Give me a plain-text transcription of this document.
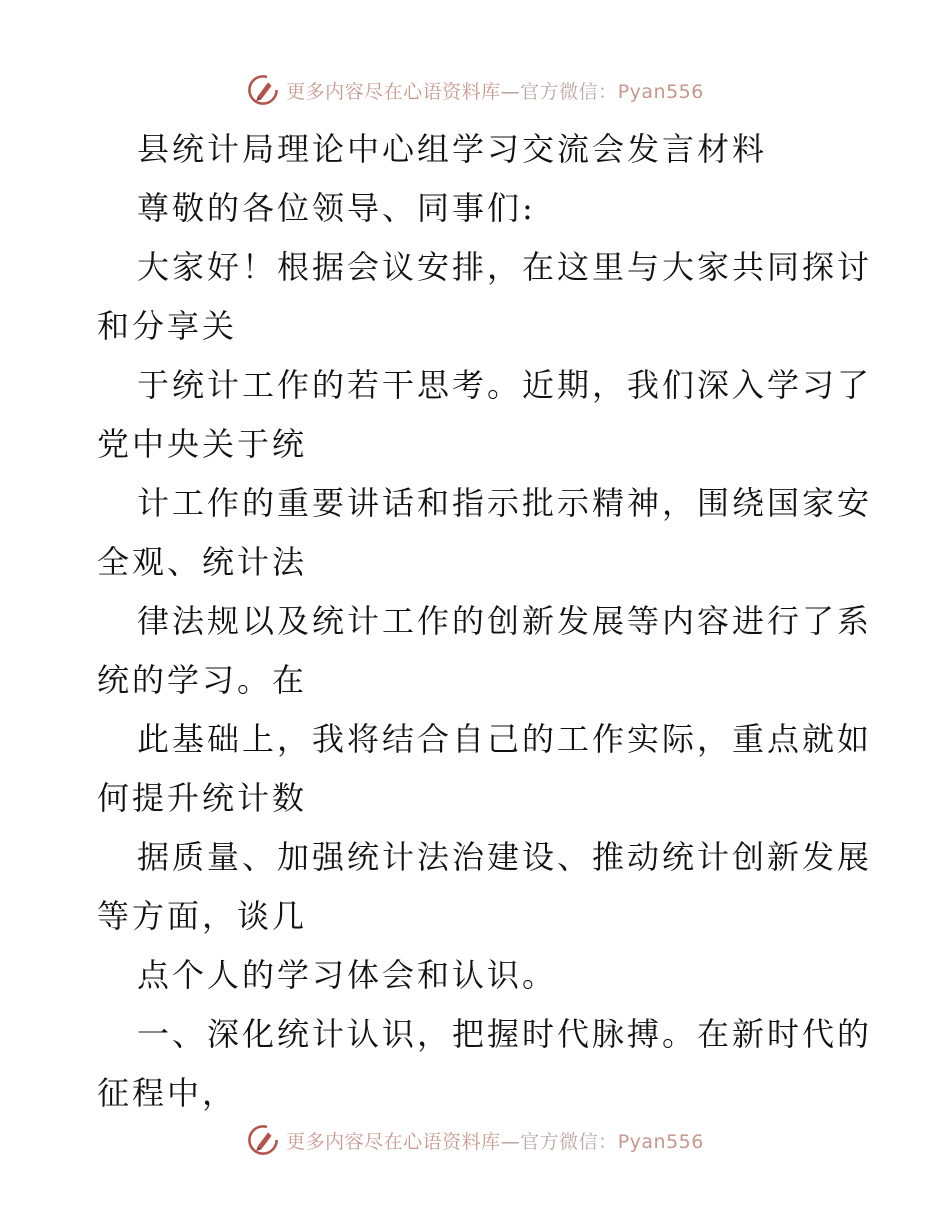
更多内容尽在心语资料库—官方微信：Pyan556
县统计局理论中心组学习交流会发言材料
尊敬的各位领导、同事们:
大家好！根据会议安排，在这里与大家共同探讨
和分享关
于统计工作的若干思考。近期，我们深入学习了
党中央关于统
计工作的重要讲话和指示批示精神，围绕国家安
全观、统计法
律法规以及统计工作的创新发展等内容进行了系
统的学习。在
此基础上，我将结合自己的工作实际，重点就如
何提升统计数
据质量、加强统计法治建设、推动统计创新发展
等方面，谈几
点个人的学习体会和认识。
一、深化统计认识，把握时代脉搏。在新时代的
征程中，
更多内容尽在心语资料库—官方微信：Pyan556
